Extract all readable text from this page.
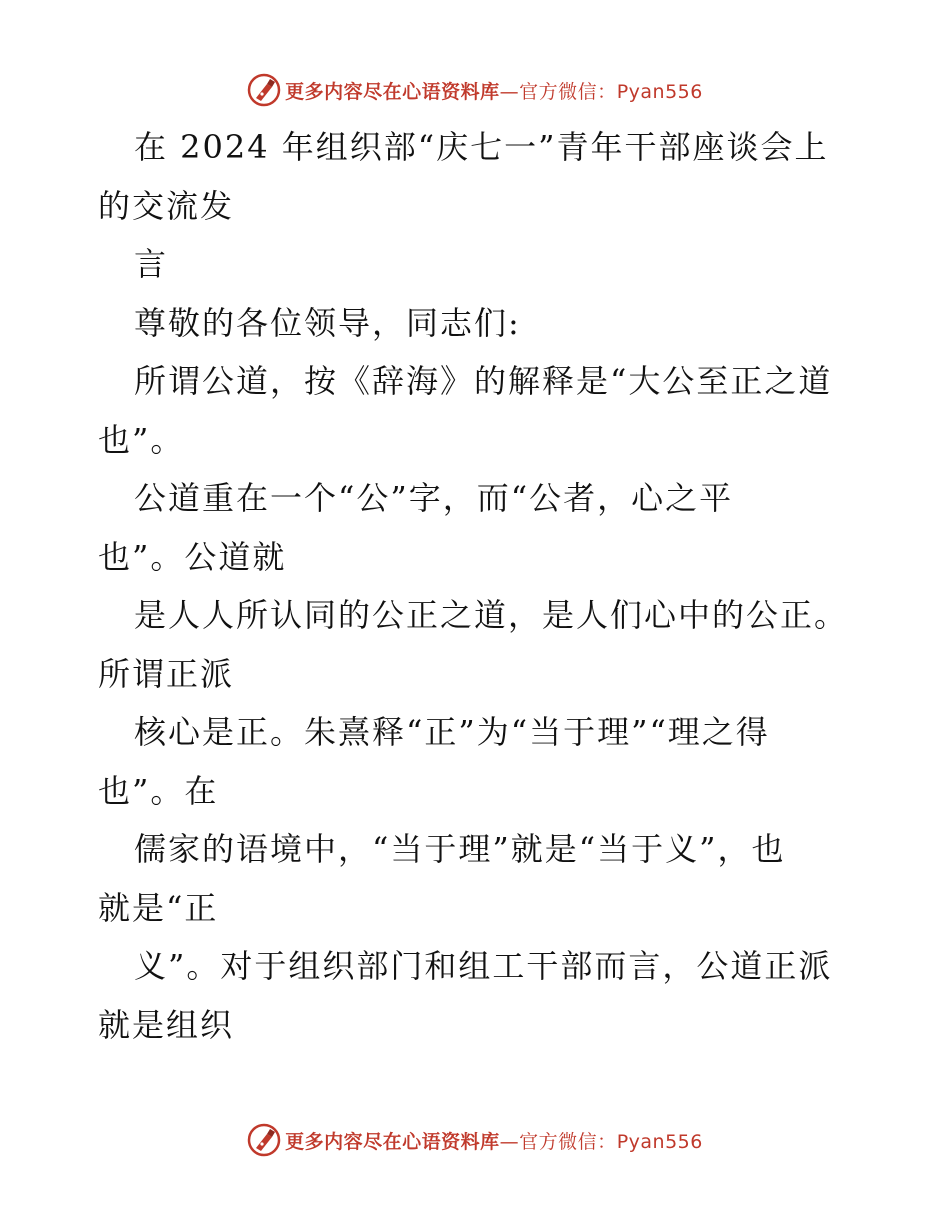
更多内容尽在心语资料库—官方微信：Pyan556
在 2024 年组织部“庆七一”青年干部座谈会上
的交流发
言
尊敬的各位领导，同志们:
所谓公道，按《辞海》的解释是“大公至正之道
也”。
公道重在一个“公”字，而“公者，心之平
也”。公道就
是人人所认同的公正之道，是人们心中的公正。
所谓正派
核心是正。朱熹释“正”为“当于理”“理之得
也”。在
儒家的语境中，“当于理”就是“当于义”，也
就是“正
义”。对于组织部门和组工干部而言，公道正派
就是组织
更多内容尽在心语资料库—官方微信：Pyan556
